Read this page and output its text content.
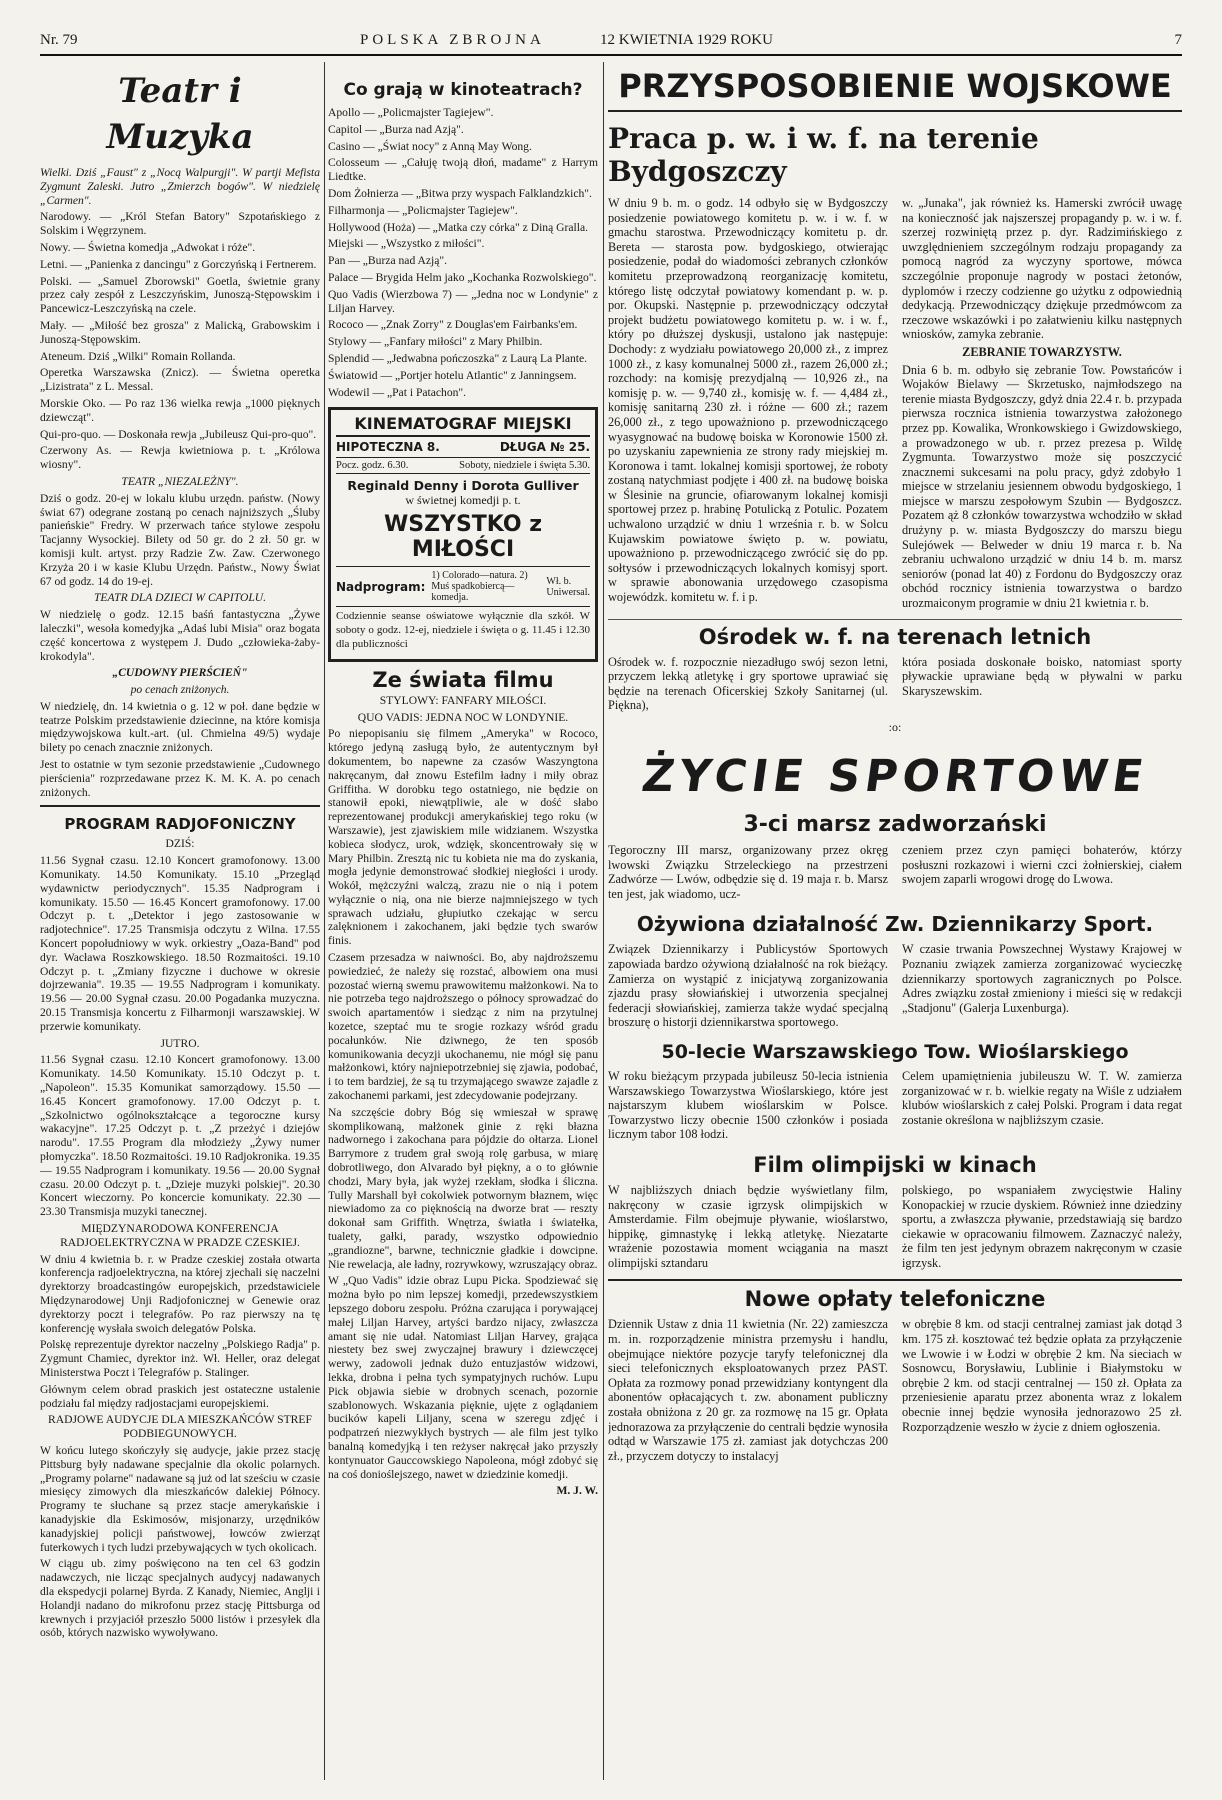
Nr. 79	POLSKA ZBROJNA	12 KWIETNIA 1929 ROKU	7
Teatr i Muzyka

Wielki. Dziś „Faust" z „Nocą Walpurgji". W partji Mefista Zygmunt Zaleski. Jutro „Zmierzch bogów". W niedzielę „Carmen".

Narodowy. — „Król Stefan Batory" Szpotańskiego z Solskim i Węgrzynem.

Nowy. — Świetna komedja „Adwokat i róże".

Letni. — „Panienka z dancingu" z Gorczyńską i Fertnerem.

Polski. — „Samuel Zborowski" Goetla, świetnie grany przez cały zespół z Leszczyńskim, Junoszą-Stępowskim i Pancewicz-Leszczyńską na czele.

Mały. — „Miłość bez grosza" z Malicką, Grabowskim i Junoszą-Stępowskim.

Ateneum. Dziś „Wilki" Romain Rollanda.

Operetka Warszawska (Znicz). — Świetna operetka „Lizistrata" z L. Messal.

Morskie Oko. — Po raz 136 wielka rewja „1000 pięknych dziewcząt".

Qui-pro-quo. — Doskonała rewja „Jubileusz Qui-pro-quo".

Czerwony As. — Rewja kwietniowa p. t. „Królowa wiosny".

TEATR „NIEZALEŻNY".

Dziś o godz. 20-ej w lokalu klubu urzędn. państw. (Nowy świat 67) odegrane zostaną po cenach najniższych „Śluby panieńskie" Fredry. W przerwach tańce stylowe zespołu Tacjanny Wysockiej. Bilety od 50 gr. do 2 zł. 50 gr. w komisji kult. artyst. przy Radzie Zw. Zaw. Czerwonego Krzyża 20 i w kasie Klubu Urzędn. Państw., Nowy Świat 67 od godz. 14 do 19-ej.

TEATR DLA DZIECI W CAPITOLU.

W niedzielę o godz. 12.15 baśń fantastyczna „Żywe laleczki", wesoła komedyjka „Adaś lubi Misia" oraz bogata część koncertowa z występem J. Dudo „człowieka-żaby-krokodyla".

„CUDOWNY PIERŚCIEŃ"

po cenach zniżonych.

W niedzielę, dn. 14 kwietnia o g. 12 w poł. dane będzie w teatrze Polskim przedstawienie dziecinne, na które komisja międzywojskowa kult.-art. (ul. Chmielna 49/5) wydaje bilety po cenach znacznie zniżonych.

Jest to ostatnie w tym sezonie przedstawienie „Cudownego pierścienia" rozprzedawane przez K. M. K. A. po cenach zniżonych.

PROGRAM RADJOFONICZNY

DZIŚ:

11.56 Sygnał czasu. 12.10 Koncert gramofonowy. 13.00 Komunikaty. 14.50 Komunikaty. 15.10 „Przegląd wydawnictw periodycznych". 15.35 Nadprogram i komunikaty. 15.50 — 16.45 Koncert gramofonowy. 17.00 Odczyt p. t. „Detektor i jego zastosowanie w radjotechnice". 17.25 Transmisja odczytu z Wilna. 17.55 Koncert popołudniowy w wyk. orkiestry „Oaza-Band" pod dyr. Wacława Roszkowskiego. 18.50 Rozmaitości. 19.10 Odczyt p. t. „Zmiany fizyczne i duchowe w okresie dojrzewania". 19.35 — 19.55 Nadprogram i komunikaty. 19.56 — 20.00 Sygnał czasu. 20.00 Pogadanka muzyczna. 20.15 Transmisja koncertu z Filharmonji warszawskiej. W przerwie komunikaty.

JUTRO.

11.56 Sygnał czasu. 12.10 Koncert gramofonowy. 13.00 Komunikaty. 14.50 Komunikaty. 15.10 Odczyt p. t. „Napoleon". 15.35 Komunikat samorządowy. 15.50 — 16.45 Koncert gramofonowy. 17.00 Odczyt p. t. „Szkolnictwo ogólnokształcące a tegoroczne kursy wakacyjne". 17.25 Odczyt p. t. „Z przeżyć i dziejów narodu". 17.55 Program dla młodzieży „Żywy numer płomyczka". 18.50 Rozmaitości. 19.10 Radjokronika. 19.35 — 19.55 Nadprogram i komunikaty. 19.56 — 20.00 Sygnał czasu. 20.00 Odczyt p. t. „Dzieje muzyki polskiej". 20.30 Koncert wieczorny. Po koncercie komunikaty. 22.30 — 23.30 Transmisja muzyki tanecznej.

MIĘDZYNARODOWA KONFERENCJA RADJOELEKTRYCZNA W PRADZE CZESKIEJ.

W dniu 4 kwietnia b. r. w Pradze czeskiej została otwarta konferencja radjoelektryczna, na której zjechali się naczelni dyrektorzy broadcastingów europejskich, przedstawiciele Międzynarodowej Unji Radjofonicznej w Genewie oraz dyrektorzy poczt i telegrafów. Po raz pierwszy na tę konferencję wysłała swoich delegatów Polska.

Polskę reprezentuje dyrektor naczelny „Polskiego Radja" p. Zygmunt Chamiec, dyrektor inż. Wł. Heller, oraz delegat Ministerstwa Poczt i Telegrafów p. Stalinger.

Głównym celem obrad praskich jest ostateczne ustalenie podziału fal między radjostacjami europejskiemi.

RADJOWE AUDYCJE DLA MIESZKAŃCÓW STREF PODBIEGUNOWYCH.

W końcu lutego skończyły się audycje, jakie przez stację Pittsburg były nadawane specjalnie dla okolic polarnych. „Programy polarne" nadawane są już od lat sześciu w czasie miesięcy zimowych dla mieszkańców dalekiej Północy. Programy te słuchane są przez stacje amerykańskie i kanadyjskie dla Eskimosów, misjonarzy, urzędników kanadyjskiej policji państwowej, łowców zwierząt futerkowych i tych ludzi przebywających w tych okolicach.

W ciągu ub. zimy poświęcono na ten cel 63 godzin nadawczych, nie licząc specjalnych audycyj nadawanych dla ekspedycji polarnej Byrda. Z Kanady, Niemiec, Anglji i Holandji nadano do mikrofonu przez stację Pittsburga od krewnych i przyjaciół przeszło 5000 listów i przesyłek dla osób, których nazwisko wywoływano.

Co grają w kinoteatrach?

Apollo — „Policmajster Tagiejew".

Capitol — „Burza nad Azją".

Casino — „Świat nocy" z Anną May Wong.

Colosseum — „Całuję twoją dłoń, madame" z Harrym Liedtke.

Dom Żołnierza — „Bitwa przy wyspach Falklandzkich".

Filharmonja — „Policmajster Tagiejew".

Hollywood (Hoża) — „Matka czy córka" z Diną Gralla.

Miejski — „Wszystko z miłości".

Pan — „Burza nad Azją".

Palace — Brygida Helm jako „Kochanka Rozwolskiego".

Quo Vadis (Wierzbowa 7) — „Jedna noc w Londynie" z Liljan Harvey.

Rococo — „Znak Zorry" z Douglas'em Fairbanks'em.

Stylowy — „Fanfary miłości" z Mary Philbin.

Splendid — „Jedwabna pończoszka" z Laurą La Plante.

Światowid — „Portjer hotelu Atlantic" z Janningsem.

Wodewil — „Pat i Patachon".

KINEMATOGRAF MIEJSKI
HIPOTECZNA 8.	DŁUGA № 25.
Pocz. godz. 6.30.	Soboty, niedziele i święta 5.30.
Reginald Denny i Dorota Gulliver
w świetnej komedji p. t.
WSZYSTKO z MIŁOŚCI
Nadprogram:
1) Colorado—natura. 2) Muś spadkobiercą—komedja.
Wł. b. Uniwersal.

Codziennie seanse oświatowe wyłącznie dla szkół. W soboty o godz. 12-ej, niedziele i święta o g. 11.45 i 12.30 dla publiczności

Ze świata filmu

STYLOWY: FANFARY MIŁOŚCI.

QUO VADIS: JEDNA NOC W LONDYNIE.

Po niepopisaniu się filmem „Ameryka" w Rococo, którego jedyną zasługą było, że autentycznym był dokumentem, bo napewne za czasów Waszyngtona nakręcanym, dał znowu Estefilm ładny i miły obraz Griffitha. W dorobku tego ostatniego, nie będzie on stanowił epoki, niewątpliwie, ale w dość słabo reprezentowanej produkcji amerykańskiej tego roku (w Warszawie), jest zjawiskiem mile widzianem. Wszystka kobieca słodycz, urok, wdzięk, skoncentrowały się w Mary Philbin. Zresztą nic tu kobieta nie ma do zyskania, mogła jedynie demonstrować słodkiej niegłości i urody. Wokół, mężczyźni walczą, zrazu nie o nią i potem wyłącznie o nią, ona nie bierze najmniejszego w tych sprawach udziału, głupiutko czekając w sercu zalęknionem i zakochanem, jaki będzie tych swarów finis.

Czasem przesadza w naiwności. Bo, aby najdroższemu powiedzieć, że należy się rozstać, albowiem ona musi pozostać wierną swemu prawowitemu małżonkowi. Na to nie potrzeba tego najdroższego o północy sprowadzać do swoich apartamentów i siedząc z nim na przytulnej kozetce, szeptać mu te srogie rozkazy wśród gradu pocałunków. Nie dziwnego, że ten sposób komunikowania decyzji ukochanemu, nie mógł się panu małżonkowi, który najniepotrzebniej się zjawia, podobać, i to tem bardziej, że są tu trzymającego swawze zajadle z zakochanemi parkami, jest zdecydowanie podejrzany.

Na szczęście dobry Bóg się wmieszał w sprawę skomplikowaną, małżonek ginie z ręki błazna nadwornego i zakochana para pójdzie do ołtarza. Lionel Barrymore z trudem grał swoją rolę garbusa, w miarę dobrotliwego, don Alvarado był piękny, a o to głównie chodzi, Mary była, jak wyżej rzekłam, słodka i śliczna. Tully Marshall był cokolwiek potwornym błaznem, więc niewiadomo za co pięknością na dworze brat — reszty dokonał sam Griffith. Wnętrza, światła i światełka, tualety, gałki, parady, wszystko odpowiednio „grandiozne", barwne, technicznie gładkie i dowcipne. Nie rewelacja, ale ładny, rozrywkowy, wzruszający obraz.

W „Quo Vadis" idzie obraz Lupu Picka. Spodziewać się można było po nim lepszej komedji, przedewszystkiem lepszego doboru zespołu. Próżna czarująca i porywającej małej Liljan Harvey, artyści bardzo nijacy, zwłaszcza amant się nie udał. Natomiast Liljan Harvey, grająca niestety bez swej zwyczajnej brawury i dziewczęcej werwy, zadowoli jednak dużo entuzjastów widzowi, lekka, drobna i pełna tych sympatyjnych ruchów. Lupu Pick objawia siebie w drobnych scenach, pozornie szablonowych. Wskazania pięknie, ujęte z oglądaniem bucików kapeli Liljany, scena w szeregu zdjęć i podpatrzeń niezwykłych bystrych — ale film jest tylko banalną komedyjką i ten reżyser nakręcał jako przyszły kontynuator Gauccowskiego Napoleona, mógł zdobyć się na coś donioślejszego, nawet w dziedzinie komedji.

M. J. W.

PRZYSPOSOBIENIE WOJSKOWE
Praca p. w. i w. f. na terenie Bydgoszczy

W dniu 9 b. m. o godz. 14 odbyło się w Bydgoszczy posiedzenie powiatowego komitetu p. w. i w. f. w gmachu starostwa. Przewodniczący komitetu p. dr. Bereta — starosta pow. bydgoskiego, otwierając posiedzenie, podał do wiadomości zebranych członków komitetu przeprowadzoną reorganizację komitetu, którego listę odczytał powiatowy komendant p. w. p. por. Okupski. Następnie p. przewodniczący odczytał projekt budżetu powiatowego komitetu p. w. i w. f., który po dłuższej dyskusji, ustalono jak następuje: Dochody: z wydziału powiatowego 20,000 zł., z imprez 1000 zł., z kasy komunalnej 5000 zł., razem 26,000 zł.; rozchody: na komisję prezydjalną — 10,926 zł., na komisję p. w. — 9,740 zł., komisję w. f. — 4,484 zł., komisję sanitarną 230 zł. i różne — 600 zł.; razem 26,000 zł., z tego upoważniono p. przewodniczącego wyasygnować na budowę boiska w Koronowie 1500 zł. po uzyskaniu zapewnienia ze strony rady miejskiej m. Koronowa i tamt. lokalnej komisji sportowej, że roboty zostaną natychmiast podjęte i 400 zł. na budowę boiska w Ślesinie na gruncie, ofiarowanym lokalnej komisji sportowej przez p. hrabinę Potulicką z Potulic. Pozatem uchwalono urządzić w dniu 1 września r. b. w Solcu Kujawskim powiatowe święto p. w. powiatu, upoważniono p. przewodniczącego zwrócić się do pp. sołtysów i przewodniczących lokalnych komisyj sport. w sprawie abonowania urzędowego czasopisma wojewódzk. komitetu w. f. i p.

w. „Junaka", jak również ks. Hamerski zwrócił uwagę na konieczność jak najszerszej propagandy p. w. i w. f. szerzej rozwiniętą przez p. dyr. Radzimińskiego z uwzględnieniem szczególnym rodzaju propagandy za pomocą nagród za wyczyny sportowe, mówca szczególnie proponuje nagrody w postaci żetonów, dyplomów i rzeczy codzienne go użytku z odpowiednią dedykacją. Przewodniczący dziękuje przedmówcom za rzeczowe wskazówki i po załatwieniu kilku następnych wniosków, zamyka zebranie.

ZEBRANIE TOWARZYSTW.

Dnia 6 b. m. odbyło się zebranie Tow. Powstańców i Wojaków Bielawy — Skrzetusko, najmłodszego na terenie miasta Bydgoszczy, gdyż dnia 22.4 r. b. przypada pierwsza rocznica istnienia towarzystwa założonego przez pp. Kowalika, Wronkowskiego i Gwizdowskiego, a prowadzonego w ub. r. przez prezesa p. Wildę Zygmunta. Towarzystwo może się poszczycić znacznemi sukcesami na polu pracy, gdyż zdobyło 1 miejsce w strzelaniu jesiennem obwodu bydgoskiego, 1 miejsce w marszu zespołowym Szubin — Bydgoszcz. Pozatem ąż 8 członków towarzystwa wchodziło w skład drużyny p. w. miasta Bydgoszczy do marszu biegu Sulejówek — Belweder w dniu 19 marca r. b. Na zebraniu uchwalono urządzić w dniu 14 b. m. marsz seniorów (ponad lat 40) z Fordonu do Bydgoszczy oraz obchód rocznicy istnienia towarzystwa o bardzo urozmaiconym programie w dniu 21 kwietnia r. b.

Ośrodek w. f. na terenach letnich

Ośrodek w. f. rozpocznie niezadługo swój sezon letni, przyczem lekką atletykę i gry sportowe uprawiać się będzie na terenach Oficerskiej Szkoły Sanitarnej (ul. Piękna),

która posiada doskonałe boisko, natomiast sporty pływackie uprawiane będą w pływalni w parku Skaryszewskim.

:o:
ŻYCIE SPORTOWE
3-ci marsz zadworzański

Tegoroczny III marsz, organizowany przez okręg lwowski Związku Strzeleckiego na przestrzeni Zadwórze — Lwów, odbędzie się d. 19 maja r. b. Marsz ten jest, jak wiadomo, ucz-

czeniem przez czyn pamięci bohaterów, którzy posłuszni rozkazowi i wierni czci żołnierskiej, ciałem swojem zaparli wrogowi drogę do Lwowa.

Ożywiona działalność Zw. Dziennikarzy Sport.

Związek Dziennikarzy i Publicystów Sportowych zapowiada bardzo ożywioną działalność na rok bieżący. Zamierza on wystąpić z inicjatywą zorganizowania zjazdu prasy słowiańskiej i utworzenia specjalnej federacji słowiańskiej, zamierza także wydać specjalną broszurę o historji dziennikarstwa sportowego.

W czasie trwania Powszechnej Wystawy Krajowej w Poznaniu związek zamierza zorganizować wycieczkę dziennikarzy sportowych zagranicznych po Polsce. Adres związku został zmieniony i mieści się w redakcji „Stadjonu" (Galerja Luxenburga).

50-lecie Warszawskiego Tow. Wioślarskiego

W roku bieżącym przypada jubileusz 50-lecia istnienia Warszawskiego Towarzystwa Wioślarskiego, które jest najstarszym klubem wioślarskim w Polsce. Towarzystwo liczy obecnie 1500 członków i posiada licznym tabor 108 łodzi.

Celem upamiętnienia jubileuszu W. T. W. zamierza zorganizować w r. b. wielkie regaty na Wiśle z udziałem klubów wioślarskich z całej Polski. Program i data regat zostanie określona w najbliższym czasie.

Film olimpijski w kinach

W najbliższych dniach będzie wyświetlany film, nakręcony w czasie igrzysk olimpijskich w Amsterdamie. Film obejmuje pływanie, wioślarstwo, hippikę, gimnastykę i lekką atletykę. Niezatarte wrażenie pozostawia moment wciągania na maszt olimpijski sztandaru

polskiego, po wspaniałem zwycięstwie Haliny Konopackiej w rzucie dyskiem. Również inne dziedziny sportu, a zwłaszcza pływanie, przedstawiają się bardzo ciekawie w opracowaniu filmowem. Zaznaczyć należy, że film ten jest jedynym obrazem nakręconym w czasie igrzysk.

Nowe opłaty telefoniczne

Dziennik Ustaw z dnia 11 kwietnia (Nr. 22) zamieszcza m. in. rozporządzenie ministra przemysłu i handlu, obejmujące niektóre pozycje taryfy telefonicznej dla sieci telefonicznych eksploatowanych przez PAST. Opłata za rozmowy ponad przewidziany kontyngent dla abonentów opłacających t. zw. abonament publiczny została obniżona z 20 gr. za rozmowę na 15 gr. Opłata jednorazowa za przyłączenie do centrali będzie wynosiła odtąd w Warszawie 175 zł. zamiast jak dotychczas 200 zł., przyczem dotyczy to instalacyj

w obrębie 8 km. od stacji centralnej zamiast jak dotąd 3 km. 175 zł. kosztować też będzie opłata za przyłączenie we Lwowie i w Łodzi w obrębie 2 km. Na sieciach w Sosnowcu, Borysławiu, Lublinie i Białymstoku w obrębie 2 km. od stacji centralnej — 150 zł. Opłata za przeniesienie aparatu przez abonenta wraz z lokalem obecnie innej będzie wynosiła jednorazowo 25 zł. Rozporządzenie weszło w życie z dniem ogłoszenia.
